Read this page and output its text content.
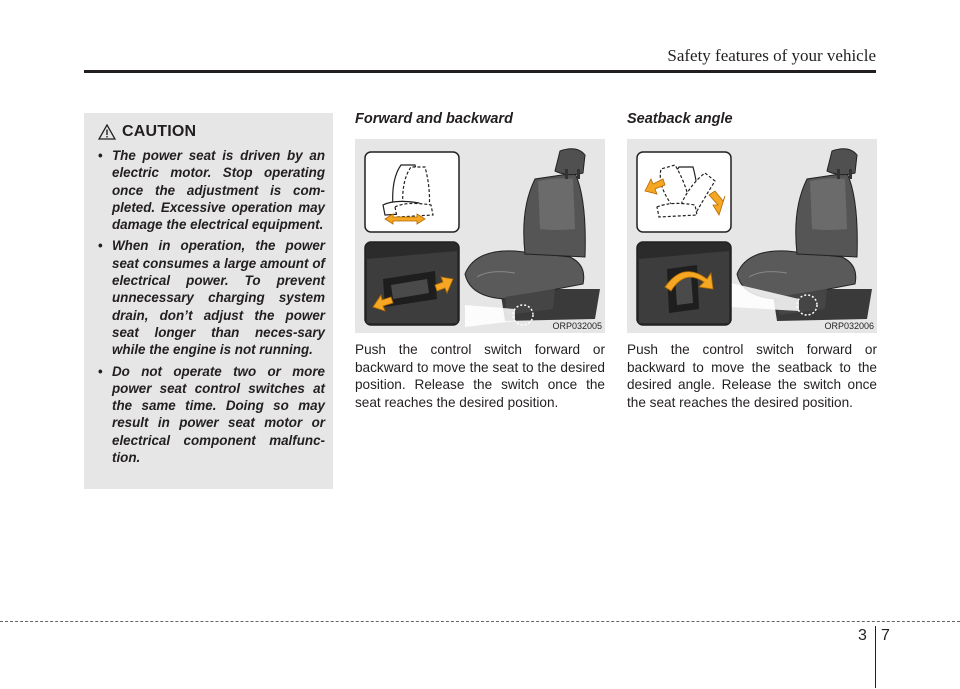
Safety features of your vehicle
CAUTION
• The power seat is driven by an electric motor. Stop operating once the adjustment is com-pleted. Excessive operation may damage the electrical equipment.
• When in operation, the power seat consumes a large amount of electrical power. To prevent unnecessary charging system drain, don’t adjust the power seat longer than neces-sary while the engine is not running.
• Do not operate two or more power seat control switches at the same time. Doing so may result in power seat motor or electrical component malfunc-tion.
Forward and backward
ORP032005
Push the control switch forward or backward to move the seat to the desired position. Release the switch once the seat reaches the desired position.
Seatback angle
ORP032006
Push the control switch forward or backward to move the seatback to the desired angle. Release the switch once the seat reaches the desired position.
3 7
